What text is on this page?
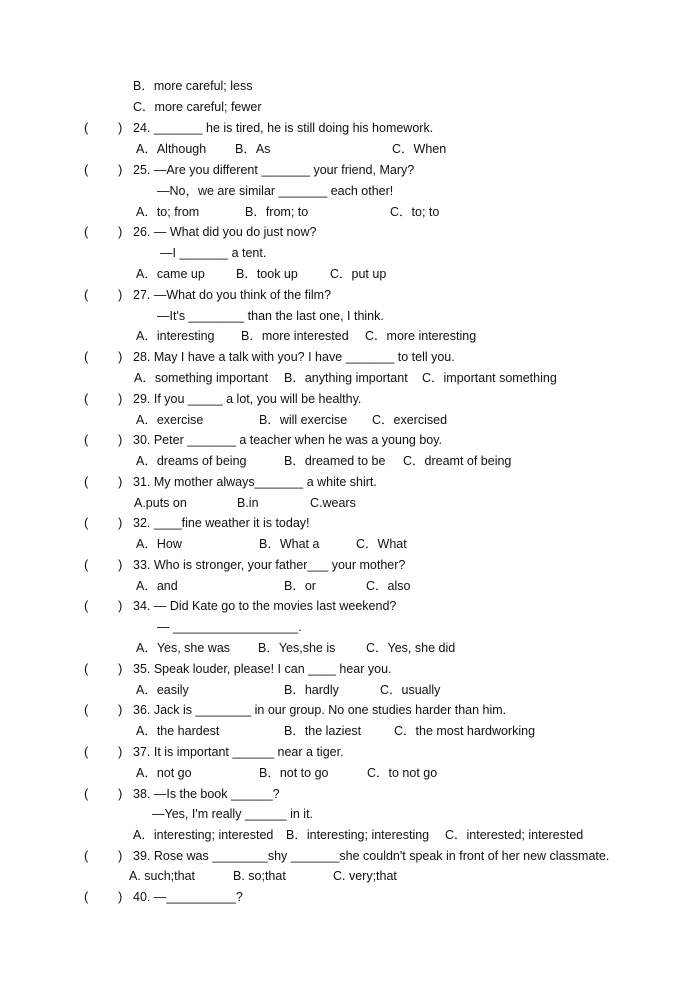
B．more careful; less
C．more careful; fewer
( ) 24. _______ he is tired, he is still doing his homework.
A．Although B．As	C．When
( ) 25. —Are you different _______ your friend, Mary?
—No，we are similar _______ each other!
A．to; from	B．from; to	C．to; to
( ) 26. — What did you do just now?
—I _______ a tent.
A．came up B．took up	C．put up
( ) 27. —What do you think of the film?
—It's ________ than the last one, I think.
A．interesting B．more interested C．more interesting
( ) 28. May I have a talk with you? I have _______ to tell you.
A．something important B．anything important C．important something
( ) 29. If you _____ a lot, you will be healthy.
A．exercise	B．will exercise C．exercised
( ) 30. Peter _______ a teacher when he was a young boy.
A．dreams of being	B．dreamed to be C．dreamt of being
( ) 31. My mother always_______ a white shirt.
A.puts on	B.in	C.wears
( ) 32. ____fine weather it is today!
A．How	B．What a	C．What
( ) 33. Who is stronger, your father___ your mother?
A．and	B．or	C．also
( ) 34. — Did Kate go to the movies last weekend?
— __________________.
A．Yes, she was B．Yes,she is C．Yes, she did
( ) 35. Speak louder, please! I can ____ hear you.
A．easily	B．hardly	C．usually
( ) 36. Jack is ________ in our group. No one studies harder than him.
A．the hardest	B．the laziest	C．the most hardworking
( ) 37. It is important ______ near a tiger.
A．not go	B．not to go	C．to not go
( ) 38. —Is the book ______?
—Yes, I'm really ______ in it.
A．interesting; interested B．interesting; interesting C．interested; interested
( ) 39. Rose was ________shy _______she couldn't speak in front of her new classmate.
A. such;that	B. so;that	C. very;that
( ) 40. —__________?
